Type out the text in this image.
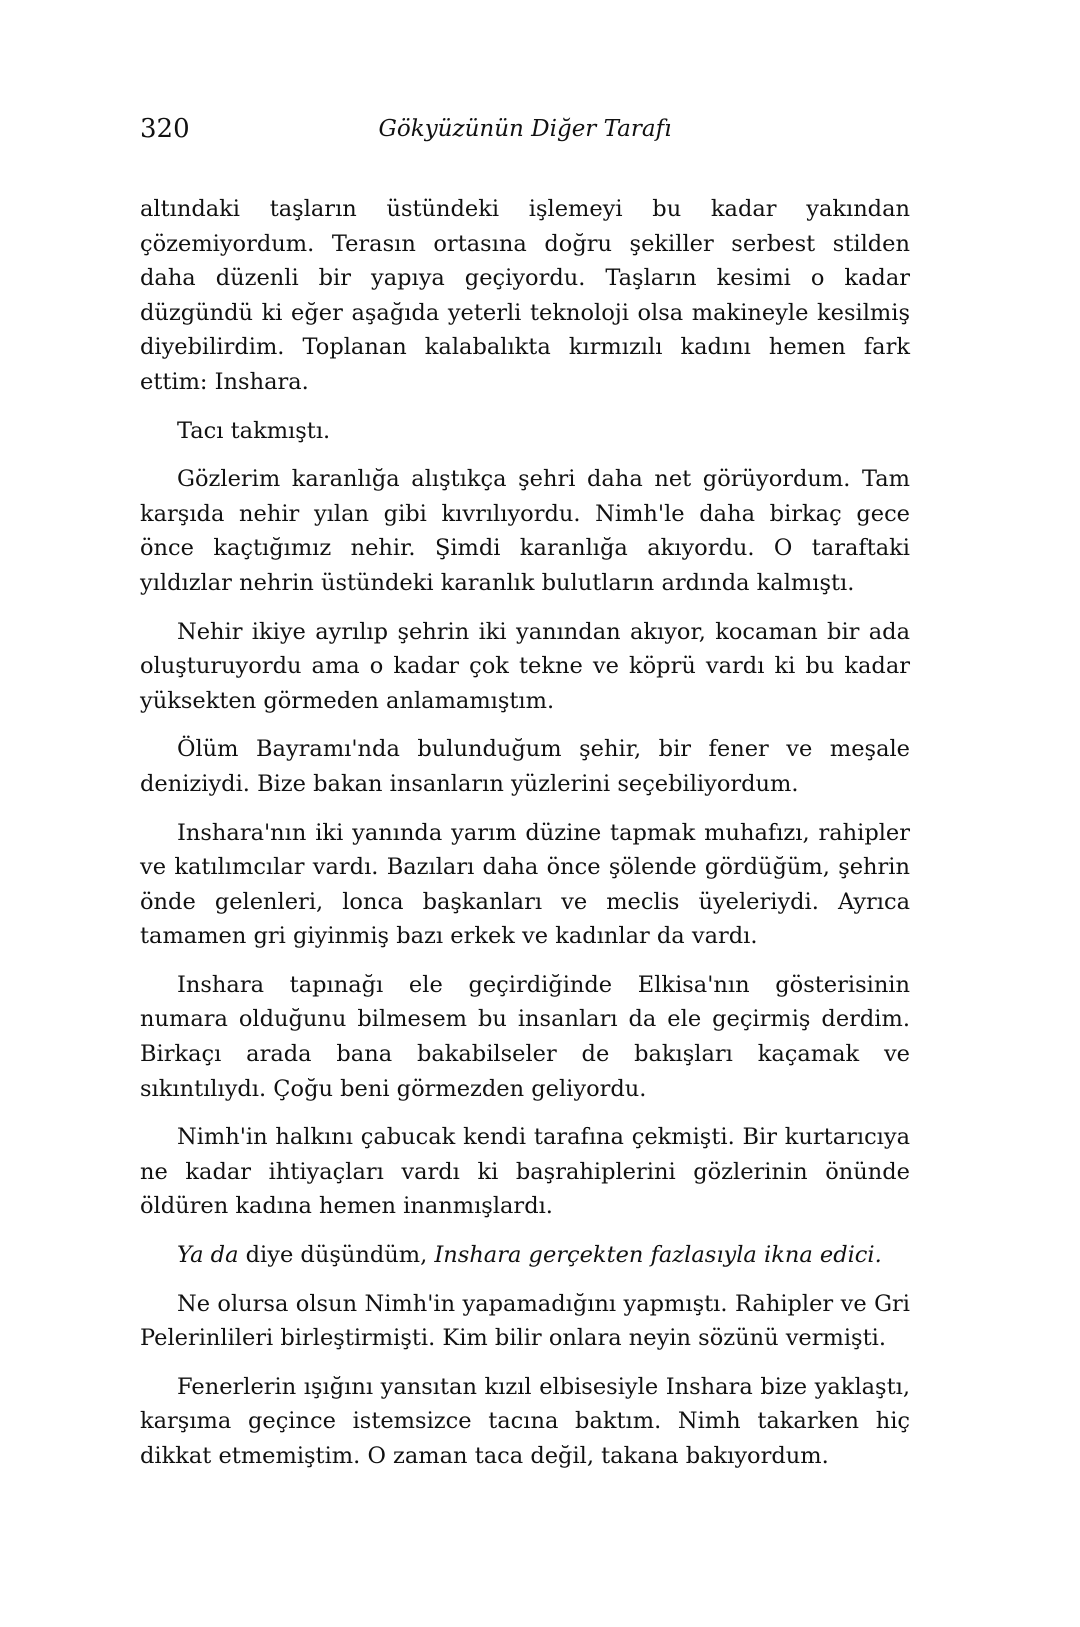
320	Gökyüzünün Diğer Tarafı

altındaki taşların üstündeki işlemeyi bu kadar yakından çözemiyordum. Terasın ortasına doğru şekiller serbest stilden daha düzenli bir yapıya geçiyordu. Taşların kesimi o kadar düzgündü ki eğer aşağıda yeterli teknoloji olsa makineyle kesilmiş diyebilirdim. Toplanan kalabalıkta kırmızılı kadını hemen fark ettim: Inshara.

Tacı takmıştı.

Gözlerim karanlığa alıştıkça şehri daha net görüyordum. Tam karşıda nehir yılan gibi kıvrılıyordu. Nimh'le daha birkaç gece önce kaçtığımız nehir. Şimdi karanlığa akıyordu. O taraftaki yıldızlar nehrin üstündeki karanlık bulutların ardında kalmıştı.

Nehir ikiye ayrılıp şehrin iki yanından akıyor, kocaman bir ada oluşturuyordu ama o kadar çok tekne ve köprü vardı ki bu kadar yüksekten görmeden anlamamıştım.

Ölüm Bayramı'nda bulunduğum şehir, bir fener ve meşale deniziydi. Bize bakan insanların yüzlerini seçebiliyordum.

Inshara'nın iki yanında yarım düzine tapmak muhafızı, rahipler ve katılımcılar vardı. Bazıları daha önce şölende gördüğüm, şehrin önde gelenleri, lonca başkanları ve meclis üyeleriydi. Ayrıca tamamen gri giyinmiş bazı erkek ve kadınlar da vardı.

Inshara tapınağı ele geçirdiğinde Elkisa'nın gösterisinin numara olduğunu bilmesem bu insanları da ele geçirmiş derdim. Birkaçı arada bana bakabilseler de bakışları kaçamak ve sıkıntılıydı. Çoğu beni görmezden geliyordu.

Nimh'in halkını çabucak kendi tarafına çekmişti. Bir kurtarıcıya ne kadar ihtiyaçları vardı ki başrahiplerini gözlerinin önünde öldüren kadına hemen inanmışlardı.

Ya da diye düşündüm, Inshara gerçekten fazlasıyla ikna edici.

Ne olursa olsun Nimh'in yapamadığını yapmıştı. Rahipler ve Gri Pelerinlileri birleştirmişti. Kim bilir onlara neyin sözünü vermişti.

Fenerlerin ışığını yansıtan kızıl elbisesiyle Inshara bize yaklaştı, karşıma geçince istemsizce tacına baktım. Nimh takarken hiç dikkat etmemiştim. O zaman taca değil, takana bakıyordum.
